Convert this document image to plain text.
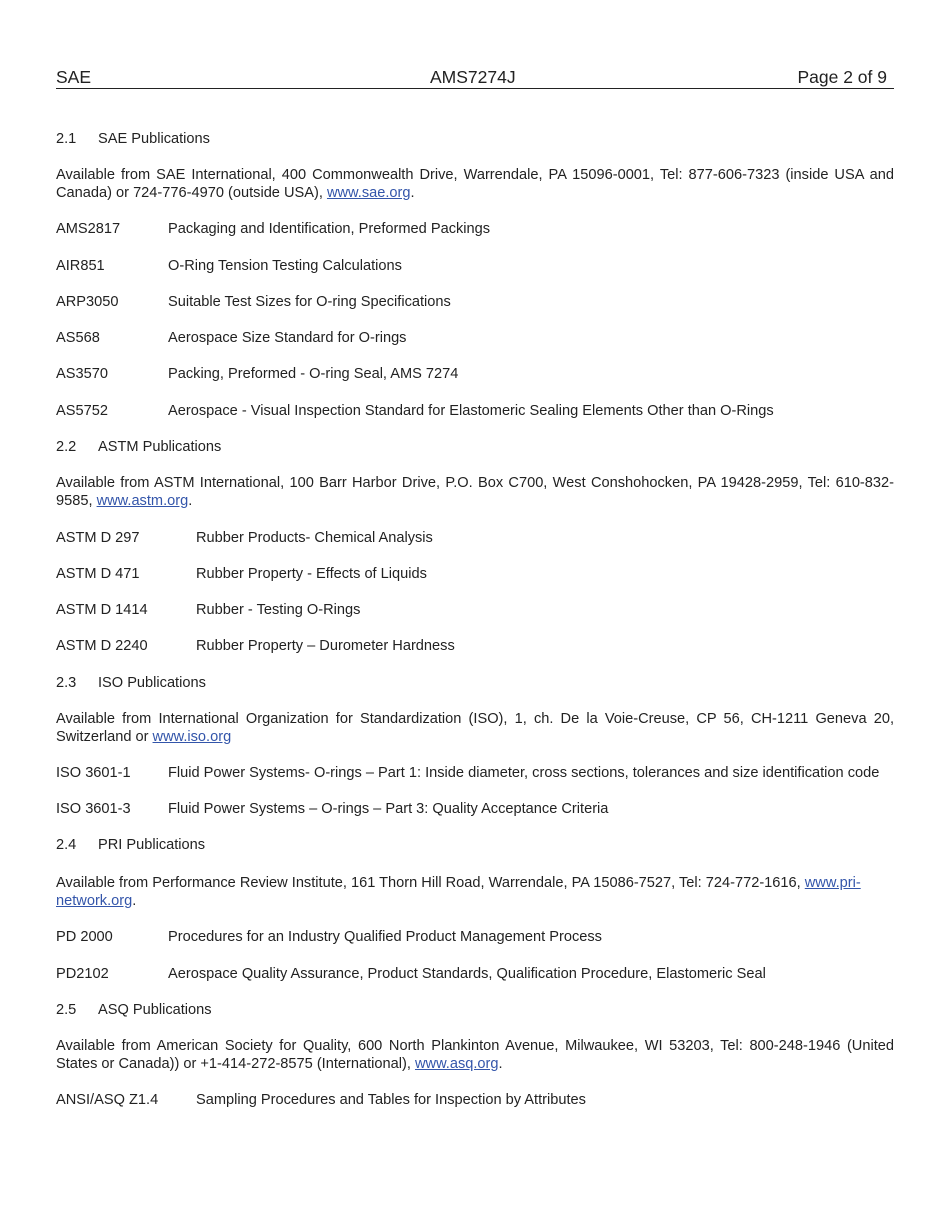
SAE	AMS7274J	Page 2 of 9

2.1 SAE Publications

Available from SAE International, 400 Commonwealth Drive, Warrendale, PA 15096-0001, Tel: 877-606-7323 (inside USA and Canada) or 724-776-4970 (outside USA), www.sae.org.

AMS2817	Packaging and Identification, Preformed Packings
AIR851	O-Ring Tension Testing Calculations
ARP3050	Suitable Test Sizes for O-ring Specifications
AS568	Aerospace Size Standard for O-rings
AS3570	Packing, Preformed - O-ring Seal, AMS 7274
AS5752	Aerospace - Visual Inspection Standard for Elastomeric Sealing Elements Other than O-Rings

2.2 ASTM Publications

Available from ASTM International, 100 Barr Harbor Drive, P.O. Box C700, West Conshohocken, PA 19428-2959, Tel: 610-832-9585, www.astm.org.

ASTM D 297	Rubber Products- Chemical Analysis
ASTM D 471	Rubber Property - Effects of Liquids
ASTM D 1414	Rubber - Testing O-Rings
ASTM D 2240	Rubber Property – Durometer Hardness

2.3 ISO Publications

Available from International Organization for Standardization (ISO), 1, ch. De la Voie-Creuse, CP 56, CH-1211 Geneva 20, Switzerland or www.iso.org

ISO 3601-1	Fluid Power Systems- O-rings – Part 1: Inside diameter, cross sections, tolerances and size identification code
ISO 3601-3	Fluid Power Systems – O-rings – Part 3: Quality Acceptance Criteria

2.4 PRI Publications

Available from Performance Review Institute, 161 Thorn Hill Road, Warrendale, PA 15086-7527, Tel: 724-772-1616, www.pri-network.org.

PD 2000	Procedures for an Industry Qualified Product Management Process
PD2102	Aerospace Quality Assurance, Product Standards, Qualification Procedure, Elastomeric Seal

2.5 ASQ Publications

Available from American Society for Quality, 600 North Plankinton Avenue, Milwaukee, WI 53203, Tel: 800-248-1946 (United States or Canada)) or +1-414-272-8575 (International), www.asq.org.

ANSI/ASQ Z1.4	Sampling Procedures and Tables for Inspection by Attributes
